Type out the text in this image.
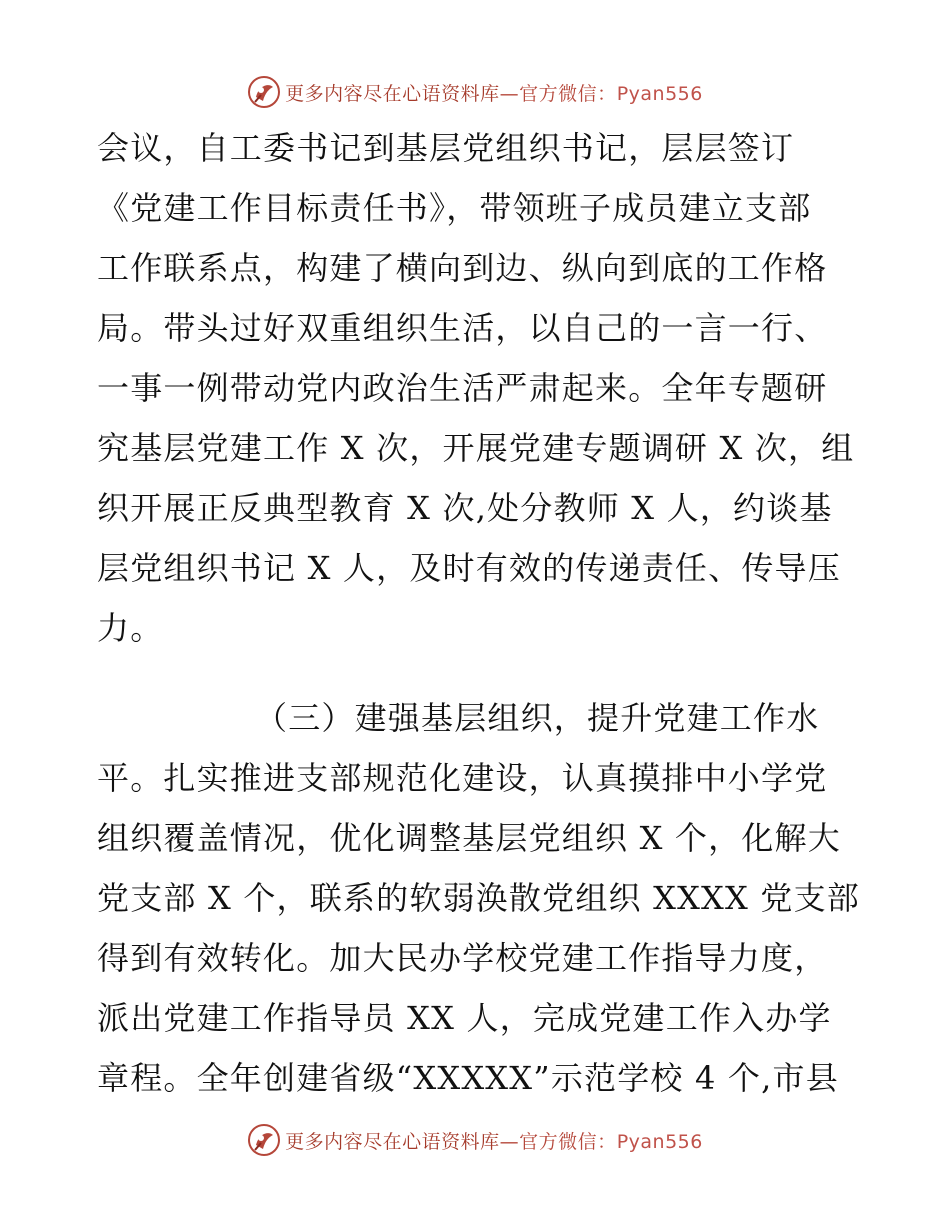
更多内容尽在心语资料库—官方微信：Pyan556
会议，自工委书记到基层党组织书记，层层签订
《党建工作目标责任书》，带领班子成员建立支部
工作联系点，构建了横向到边、纵向到底的工作格
局。带头过好双重组织生活，以自己的一言一行、
一事一例带动党内政治生活严肃起来。全年专题研
究基层党建工作 X 次，开展党建专题调研 X 次，组
织开展正反典型教育 X 次,处分教师 X 人，约谈基
层党组织书记 X 人，及时有效的传递责任、传导压
力。
（三）建强基层组织，提升党建工作水
平。扎实推进支部规范化建设，认真摸排中小学党
组织覆盖情况，优化调整基层党组织 X 个，化解大
党支部 X 个，联系的软弱涣散党组织 XXXX 党支部
得到有效转化。加大民办学校党建工作指导力度，
派出党建工作指导员 XX 人，完成党建工作入办学
章程。全年创建省级“XXXXX”示范学校 4 个,市县
更多内容尽在心语资料库—官方微信：Pyan556
